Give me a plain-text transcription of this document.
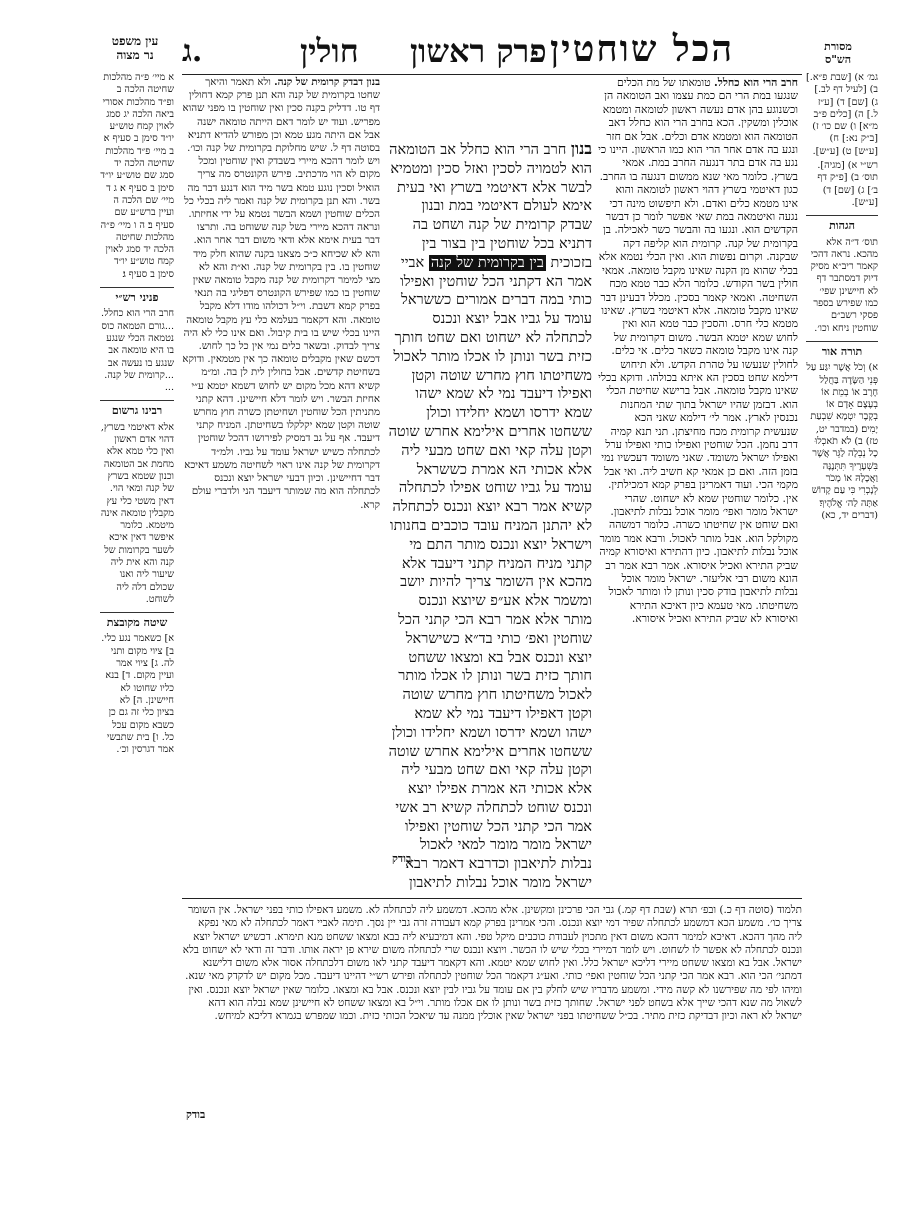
עין משפט
נר מצוה ג.	חולין פרק ראשון הכל שוחטין	מסורת
הש"ס

א מיי׳ פ״ה מהלכות שחיטה הלכה ב ופ״ד מהלכות אסורי ביאה הלכה יג סמג לאוין קמח טוש״ע יו״ד סימן ב סעיף א׃ ב מיי׳ פ״ד מהלכות שחיטה הלכה יד סמג שם טוש״ע יו״ד סימן ב סעיף א׃ ג ד מיי׳ שם הלכה ה ועיין ברש״ע שם סעיף ב׃ ה ו מיי׳ פ״ה מהלכות שחיטה הלכה יד סמג לאוין קמח טוש״ע יו״ד סימן ב סעיף ג׃

פניני רש״י

חרב הרי הוא כחלל. ...גורם הטמאה כוס נטמאה הכלי שנגע בו היא טומאה אב שנגע בו נעשה אב ...קרומית של קנה. ...

רבינו גרשום

אלא דאיטמי בשרץ, דהוי אדם ראשון ואין כלי טמא אלא מחמת אב הטומאה וכנון שטמא בשרץ של קנה ומאי הוי. דאין משטי כלי עץ מקבלין טומאה אינה מיטמא. כלומר איפשר דאין איכא לשער בקרומות של קנה והא אית ליה שיעור ליה ואנו שכולם דלה ליה לשוחט.

שיטה מקובצת

א] כשאמר נגע כלי. ב] ציוי מקום ותני לה. ג] ציוי אמר ועיין מקום. ד] בנא כליו שחוטו לא חיישינן. ה] לא בציון כלי זה גם כן כשבא מקום עכל כל. ו] בית שתבשי אמר דגרסין וכ׳.

גמ׳ א) [שבת פ״א.] ב) [לעיל דף לב.] ג) [שם] ד) [ע״ז ל.] ה) [כלים פ״ב מ״א] ו) שם כו׳ ז) [ב״ק נא:] ח) [ע״ש] ט) [ע״ש].

רש״י א) [מגיה]. תוס׳ ב) [פ״ק דף ב׳] ג) [שם] ד) [ע״ש].

הגהות

תוס׳ ד״ה אלא מהכא. נראה דהכי קאמר ריב״א מסיק דיוק דמסתבר דף לא חיישינן שפי׳ כמו שפירש בספר פסקי רשב״ם שוחטין ניחא וכו׳.

תורה אור

א) וְכֹל אֲשֶׁר יִגַּע עַל פְּנֵי הַשָּׂדֶה בַּחֲלַל חֶרֶב אוֹ בְמֵת אוֹ בְעֶצֶם אָדָם אוֹ בְקָבֶר יִטְמָא שִׁבְעַת יָמִים׃ (במדבר יט, טז) ב) לֹא תֹאכְלוּ כָל נְבֵלָה לַגֵּר אֲשֶׁר בִּשְׁעָרֶיךָ תִּתְּנֶנָּה וַאֲכָלָהּ אוֹ מָכֹר לְנָכְרִי כִּי עַם קָדוֹשׁ אַתָּה לַה׳ אֱלֹהֶיךָ׃ (דברים יד, כא)

חרב הרי הוא כחלל. טומאתו של מת הכלים שנגעו במת הרי הם כמת עצמו ואב הטומאה הן וכשנוגע בהן אדם נעשה ראשון לטומאה ומטמא אוכלין ומשקין. הכא בחרב הרי הוא כחלל דאב הטומאה הוא ומטמא אדם וכלים. אבל אם חזר ונגע בה אדם אחר הרי הוא כמו הראשון. היינו כי נגע בה אדם בתר דנגעה החרב במת. אמאי בשרץ. כלומר מאי שנא ממשום דנגעה בו החרב. כגון דאיטמי בשרץ דהוי ראשון לטומאה והוא אינו מטמא כלים ואדם. ולא תיפשוט מינה דכי נגעה ואיטמאה במת שאי אפשר לומר כן דבשר הקדשים הוא. ונגעו בה והבשר כשר לאכילה. בן בקרומית של קנה. קרומית הוא קליפה דקה שבקנה. וקרום נפשות הוא. ואין הכלי נטמא אלא בכלי שהוא מן הקנה שאינו מקבל טומאה. אמאי חולין בשר הקודש. כלומר הלא כבר טמא מכח השחיטה. ואמאי קאמר בסכין. מכלל דבעינן דבר שאינו מקבל טומאה. אלא דאיטמי בשרץ. שאינו מטמא כלי חרס. והסכין כבר טמא הוא ואין לחוש שמא יטמא הבשר. משום דקרומית של קנה אינו מקבל טומאה כשאר כלים. אי כלים. לחולין שנעשו על טהרת הקדש. ולא תיחוש דילמא שחט בסכין הא איתא בכולהו. ודוקא בכלי שאינו מקבל טומאה. אבל ברישא שחיטת הכלי הוא. דבזמן שהיו ישראל בתוך שתי המחנות נכנסין לארץ. אמר לי׳ דילמא שאני הכא שנעשית קרומית מכח מחיצתן. תני תנא קמיה דרב נחמן. הכל שוחטין ואפילו כותי ואפילו ערל ואפילו ישראל משומד. שאני משומד דעכשיו נמי בזמן הזה. ואם כן אמאי קא חשיב ליה. ואי אבל מקמי הכי. ועוד דאמרינן בפרק קמא דמכילתין. אין. כלומר שוחטין שמא לא ישחוט. שהרי ישראל מומר ואפי׳ מומר אוכל נבלות לתיאבון. ואם שוחט אין שחיטתו כשרה. כלומר דמשהה מקולקל הוא. אבל מותר לאכול. ורבא אמר מומר אוכל נבלות לתיאבון. כיון דהתירא ואיסורא קמיה שביק התירא ואכיל איסורא. אמר רבא אמר רב הונא משום רבי אליעזר. ישראל מומר אוכל נבלות לתיאבון בודק סכין ונותן לו ומותר לאכול משחיטתו. מאי טעמא כיון דאיכא התירא ואיסורא לא שביק התירא ואכיל איסורא.
בנון דבדק קרומית של קנה. ולא תאמר והיאך שחטו בקרומית של קנה והא תנן פרק קמא דחולין דף טו. דדליק בקנה סכין ואין שוחטין בו מפני שהוא מפריש. ועוד יש לומר דאם הייתה טומאה ישנה אבל אם היתה מגע טמא וכן מפורש להדיא דתניא בסוטה דף ל. שיש מחלוקת בקרומית של קנה וכו׳. ויש לומר דהכא מיירי בשבדק ואין שוחטין ומכל מקום לא הוי מדכתיב. פירש הקונטרס מה צריך הואיל וסכין נוגע טמא בשר מיד הוא דנגע דבר מה בשר. והא תנן בקרומית של קנה ואמר ליה בכלי כל הכלים שוחטין ושמא הבשר נטמא על ידי אחיזתו. ונראה דהכא מיירי בשל קנה ששוחט בה. ותרצו דבר בעית אימא אלא ודאי משום דבר אחר הוא. והא לא שכיחא כ״כ מצאנו בקנה שהוא חלק מיד שוחטין בו. בין בקרומית של קנה. וא״ת והא לא מצי למימר דקרומית של קנה מקבל טומאה שאין שוחטין בו כמו שפירש הקונטרס דפליגי בה תנאי בפרק קמא דשבת. וי״ל דכולהו מודו דלא מקבל טומאה. והא דקאמר בעלמא כלי עץ מקבל טומאה היינו בכלי שיש בו בית קיבול. ואם אינו כלי לא היה צריך לבדוק. ובשאר כלים נמי אין כל כך לחוש. דכשם שאין מקבלים טומאה כך אין מטמאין. ודוקא בשחיטת קדשים. אבל בחולין לית לן בה. ומ״מ קשיא דהא מכל מקום יש לחוש דשמא יטמא ע״י אחיזת הבשר. ויש לומר דלא חיישינן. דהא קתני מתניתין הכל שוחטין ושחיטתן כשרה חוץ מחרש שוטה וקטן שמא יקלקלו בשחיטתן. המניח קתני דיעבד. אף על גב דמסיק לפירושו דהכל שוחטין לכתחלה כשיש ישראל עומד על גביו. ולמ״ד דקרומית של קנה אינו ראוי לשחיטה משמע דאיכא דבר דחיישינן. וכיון דבעי ישראל יוצא ונכנס לכתחלה הוא מה שמותר דיעבד הני ולדברי עולם קרא.
בנון חרב הרי הוא כחלל אב הטומאה הוא לטמויה לסכין ואזל סכין ומטמיא לבשר אלא דאיטמי בשרץ ואי בעית אימא לעולם דאיטמי במת ובנון שבדק קרומית של קנה ושחט בה דתניא בכל שוחטין בין בצור בין בזכוכית בין בקרומית של קנה אביי אמר הא דקתני הכל שוחטין ואפילו כותי במה דברים אמורים כששראל עומד על גביו אבל יוצא ונכנס לכתחלה לא ישחוט ואם שחט חותך כזית בשר ונותן לו אכלו מותר לאכול משחיטתו חוץ מחרש שוטה וקטן ואפילו דיעבד נמי לא שמא ישהו שמא ידרסו ושמא יחלידו וכולן ששחטו אחרים אילימא אחרש שוטה וקטן עלה קאי ואם שחט מבעי ליה אלא אכותי הא אמרת כששראל עומד על גביו שוחט אפילו לכתחלה קשיא אמר רבא יוצא ונכנס לכתחלה לא יהתנן המניח עובד כוכבים בחנותו וישראל יוצא ונכנס מותר התם מי קתני מניח המניח קתני דיעבד אלא מהכא אין השומר צריך להיות יושב ומשמר אלא אע״פ שיוצא ונכנס מותר אלא אמר רבא הכי קתני הכל שוחטין ואפ׳ כותי בד״א כשישראל יוצא ונכנס אבל בא ומצאו ששחט חותך כזית בשר ונותן לו אכלו מותר לאכול משחיטתו חוץ מחרש שוטה וקטן דאפילו דיעבד נמי לא שמא ישהו ושמא ידרסו ושמא יחלידו וכולן ששחטו אחרים אילימא אחרש שוטה וקטן עלה קאי ואם שחט מבעי ליה אלא אכותי הא אמרת אפילו יוצא ונכנס שוחט לכתחלה קשיא רב אשי אמר הכי קתני הכל שוחטין ואפילו ישראל מומר מומר למאי לאכול נבלות לתיאבון וכדרבא דאמר רבא ישראל מומר אוכל נבלות לתיאבון
בודק
תלמוד (סוטה דף כ.) ובפ׳ תרא (שבת דף קמ.) גבי הכי פרכינן ומקשינן. אלא מהכא. דמשמע ליה לכתחלה לא. משמע דאפילו כותי בפני ישראל. אין השומר צריך כו׳. משמע הכא דמשמע לכתחלה שפיר דמי יוצא ונכנס. והכי אמרינן בפרק קמא דעבודה זרה גבי יין נסך. תימה לאביי דאמר לכתחלה לא מאי נפקא ליה מהך דהכא. דאיכא למימר דהכא משום דאין מתכוין לעבודת כוכבים מיקל טפי. והא דמיבעיא ליה בבא ומצאו ששחט מנא תימרא. דכשיש ישראל יוצא ונכנס לכתחלה לא אפשר לו לשחוט. ויש לומר דמיירי בכלי שיש לו הכשר. ויוצא ונכנס שרי לכתחלה משום שירא פן יראה אותו. ודבר זה ודאי לא ישחוט בלא ישראל. אבל בא ומצאו ששחט מיירי דליכא ישראל כלל. ואין לחוש שמא יטמא. והא דקאמר דיעבד קתני לאו משום דלכתחלה אסור אלא משום דלישנא דמתני׳ הכי הוא. רבא אמר הכי קתני הכל שוחטין ואפי׳ כותי. ואע״ג דקאמר הכל שוחטין לכתחלה ופירש רש״י דהיינו דיעבד. מכל מקום יש לדקדק מאי שנא. ומיהו לפי מה שפירשנו לא קשה מידי. ומשמע מדבריו שיש לחלק בין אם עומד על גביו לבין יוצא ונכנס. אבל בא ומצאו. כלומר שאין ישראל יוצא ונכנס. ואין לשאול מה שנא דהכי שייך אלא בשחט לפני ישראל. שחותך כזית בשר ונותן לו אם אכלו מותר. וי״ל בא ומצאו ששחט לא חיישינן שמא נבלה הוא דהא ישראל לא ראה וכיון דבדיקת כזית מתיר. בכ״ל ששחיטתו בפני ישראל שאין אוכלין ממנה עד שיאכל הכותי כזית. וכמו שמפרש בגמרא דליכא למיחש.
בודק
